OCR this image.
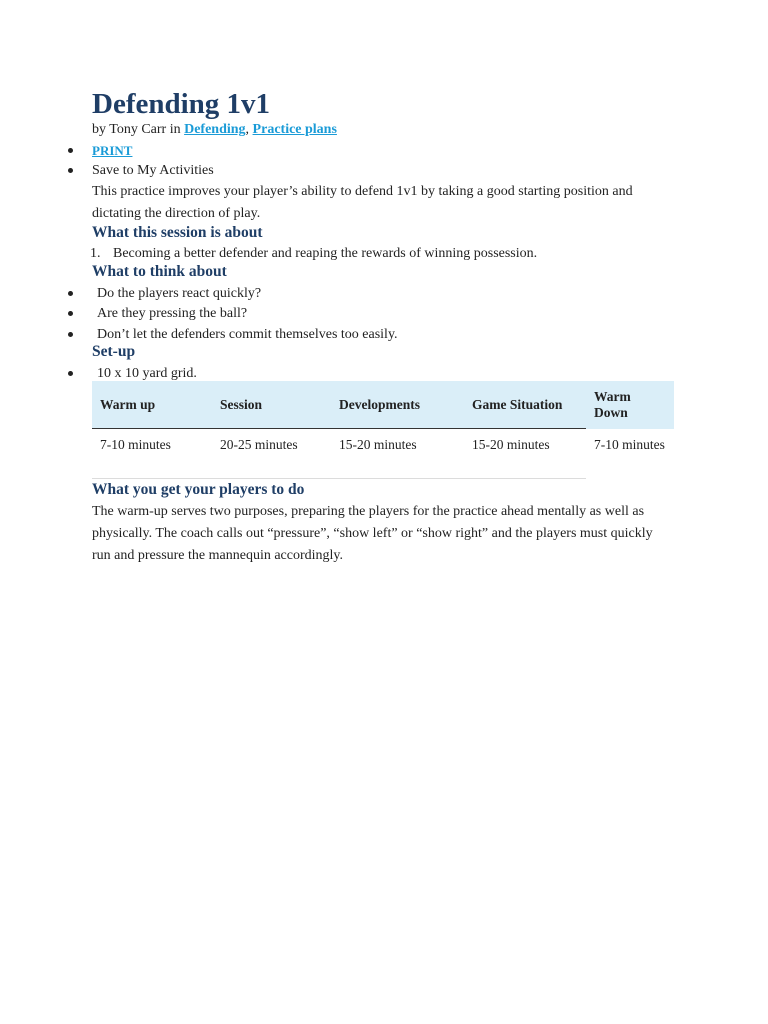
Defending 1v1
by Tony Carr in Defending, Practice plans
PRINT
Save to My Activities
This practice improves your player’s ability to defend 1v1 by taking a good starting position and dictating the direction of play.
What this session is about
1. Becoming a better defender and reaping the rewards of winning possession.
What to think about
Do the players react quickly?
Are they pressing the ball?
Don’t let the defenders commit themselves too easily.
Set-up
10 x 10 yard grid.
Warm up	Session	Developments	Game Situation	Warm Down
7-10 minutes	20-25 minutes	15-20 minutes	15-20 minutes	7-10 minutes
What you get your players to do
The warm-up serves two purposes, preparing the players for the practice ahead mentally as well as physically. The coach calls out “pressure”, “show left” or “show right” and the players must quickly run and pressure the mannequin accordingly.
